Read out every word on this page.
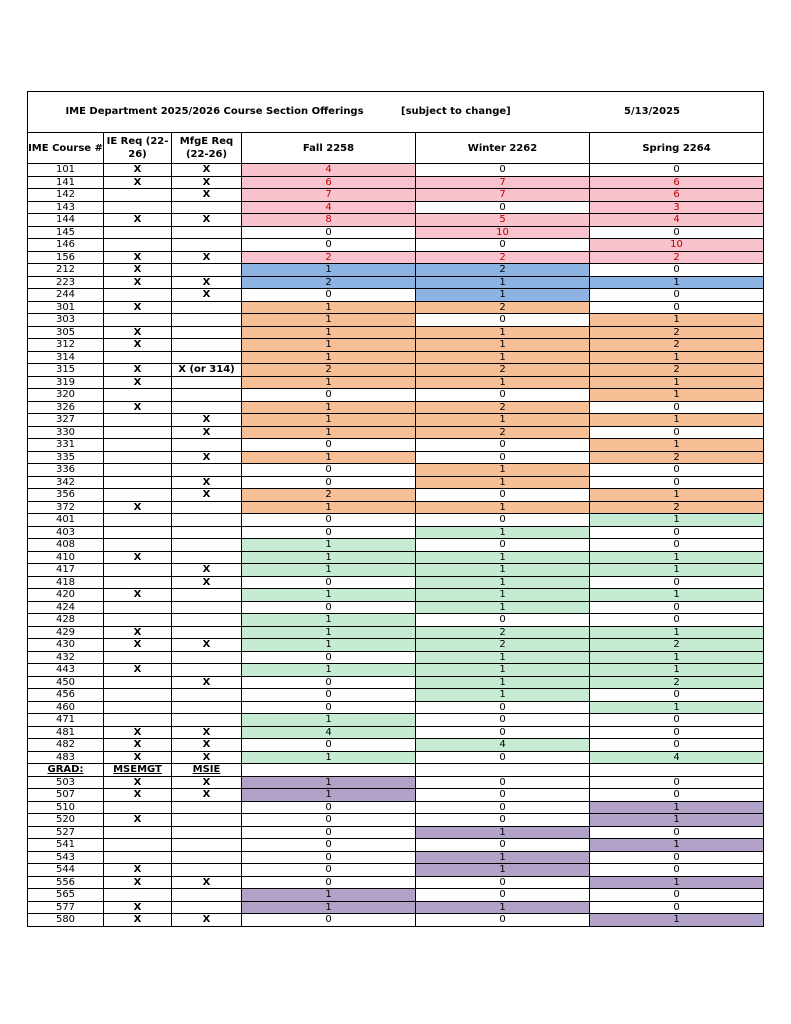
IME Department 2025/2026 Course Section Offerings [subject to change] 5/13/2025					

IME Course #	IE Req (22-26)	MfgE Req (22-26)	Fall 2258	Winter 2262	Spring 2264
101	X	X	4	0	0
141	X	X	6	7	6
142		X	7	7	6
143			4	0	3
144	X	X	8	5	4
145			0	10	0
146			0	0	10
156	X	X	2	2	2
212	X		1	2	0
223	X	X	2	1	1
244		X	0	1	0
301	X		1	2	0
303			1	0	1
305	X		1	1	2
312	X		1	1	2
314			1	1	1
315	X	X (or 314)	2	2	2
319	X		1	1	1
320			0	0	1
326	X		1	2	0
327		X	1	1	1
330		X	1	2	0
331			0	0	1
335		X	1	0	2
336			0	1	0
342		X	0	1	0
356		X	2	0	1
372	X		1	1	2
401			0	0	1
403			0	1	0
408			1	0	0
410	X		1	1	1
417		X	1	1	1
418		X	0	1	0
420	X		1	1	1
424			0	1	0
428			1	0	0
429	X		1	2	1
430	X	X	1	2	2
432			0	1	1
443	X		1	1	1
450		X	0	1	2
456			0	1	0
460			0	0	1
471			1	0	0
481	X	X	4	0	0
482	X	X	0	4	0
483	X	X	1	0	4
GRAD:	MSEMGT	MSIE			
503	X	X	1	0	0
507	X	X	1	0	0
510			0	0	1
520	X		0	0	1
527			0	1	0
541			0	0	1
543			0	1	0
544	X		0	1	0
556	X	X	0	0	1
565			1	0	0
577	X		1	1	0
580	X	X	0	0	1
